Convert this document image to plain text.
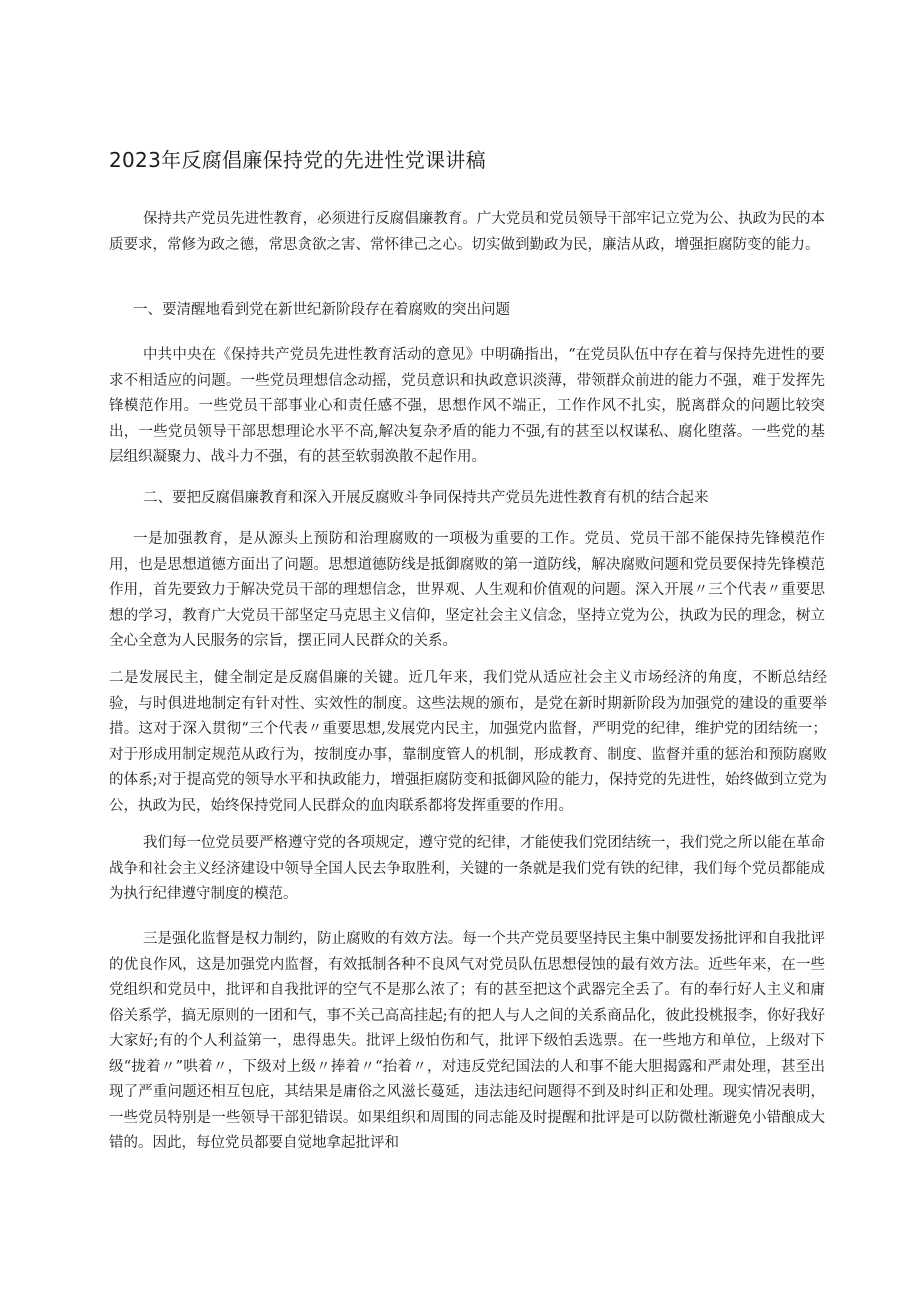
2023年反腐倡廉保持党的先进性党课讲稿

保持共产党员先进性教育，必须进行反腐倡廉教育。广大党员和党员领导干部牢记立党为公、执政为民的本质要求，常修为政之德，常思贪欲之害、常怀律己之心。切实做到勤政为民，廉洁从政，增强拒腐防变的能力。

一、要清醒地看到党在新世纪新阶段存在着腐败的突出问题

中共中央在《保持共产党员先进性教育活动的意见》中明确指出，“在党员队伍中存在着与保持先进性的要求不相适应的问题。一些党员理想信念动摇，党员意识和执政意识淡薄，带领群众前进的能力不强，难于发挥先锋模范作用。一些党员干部事业心和责任感不强，思想作风不端正，工作作风不扎实，脱离群众的问题比较突出，一些党员领导干部思想理论水平不高,解决复杂矛盾的能力不强,有的甚至以权谋私、腐化堕落。一些党的基层组织凝聚力、战斗力不强，有的甚至软弱涣散不起作用。

二、要把反腐倡廉教育和深入开展反腐败斗争同保持共产党员先进性教育有机的结合起来

一是加强教育，是从源头上预防和治理腐败的一项极为重要的工作。党员、党员干部不能保持先锋模范作用，也是思想道德方面出了问题。思想道德防线是抵御腐败的第一道防线，解决腐败问题和党员要保持先锋模范作用，首先要致力于解决党员干部的理想信念，世界观、人生观和价值观的问题。深入开展〃三个代表〃重要思想的学习，教育广大党员干部坚定马克思主义信仰，坚定社会主义信念，坚持立党为公，执政为民的理念，树立全心全意为人民服务的宗旨，摆正同人民群众的关系。

二是发展民主，健全制定是反腐倡廉的关键。近几年来，我们党从适应社会主义市场经济的角度，不断总结经验，与时俱进地制定有针对性、实效性的制度。这些法规的颁布，是党在新时期新阶段为加强党的建设的重要举措。这对于深入贯彻“三个代表〃重要思想,发展党内民主，加强党内监督，严明党的纪律，维护党的团结统一；对于形成用制定规范从政行为，按制度办事，靠制度管人的机制，形成教育、制度、监督并重的惩治和预防腐败的体系;对于提高党的领导水平和执政能力，增强拒腐防变和抵御风险的能力，保持党的先进性，始终做到立党为公，执政为民，始终保持党同人民群众的血肉联系都将发挥重要的作用。

我们每一位党员要严格遵守党的各项规定，遵守党的纪律，才能使我们党团结统一，我们党之所以能在革命战争和社会主义经济建设中领导全国人民去争取胜利，关键的一条就是我们党有铁的纪律，我们每个党员都能成为执行纪律遵守制度的模范。

三是强化监督是权力制约，防止腐败的有效方法。每一个共产党员要坚持民主集中制要发扬批评和自我批评的优良作风，这是加强党内监督，有效抵制各种不良风气对党员队伍思想侵蚀的最有效方法。近些年来，在一些党组织和党员中，批评和自我批评的空气不是那么浓了；有的甚至把这个武器完全丢了。有的奉行好人主义和庸俗关系学，搞无原则的一团和气，事不关己高高挂起;有的把人与人之间的关系商品化，彼此投桃报李，你好我好大家好;有的个人利益第一，患得患失。批评上级怕伤和气，批评下级怕丢选票。在一些地方和单位，上级对下级“拢着〃”哄着〃，下级对上级〃捧着〃“抬着〃，对违反党纪国法的人和事不能大胆揭露和严肃处理，甚至出现了严重问题还相互包庇，其结果是庸俗之风滋长蔓延，违法违纪问题得不到及时纠正和处理。现实情况表明，一些党员特别是一些领导干部犯错误。如果组织和周围的同志能及时提醒和批评是可以防微杜渐避免小错酿成大错的。因此，每位党员都要自觉地拿起批评和
